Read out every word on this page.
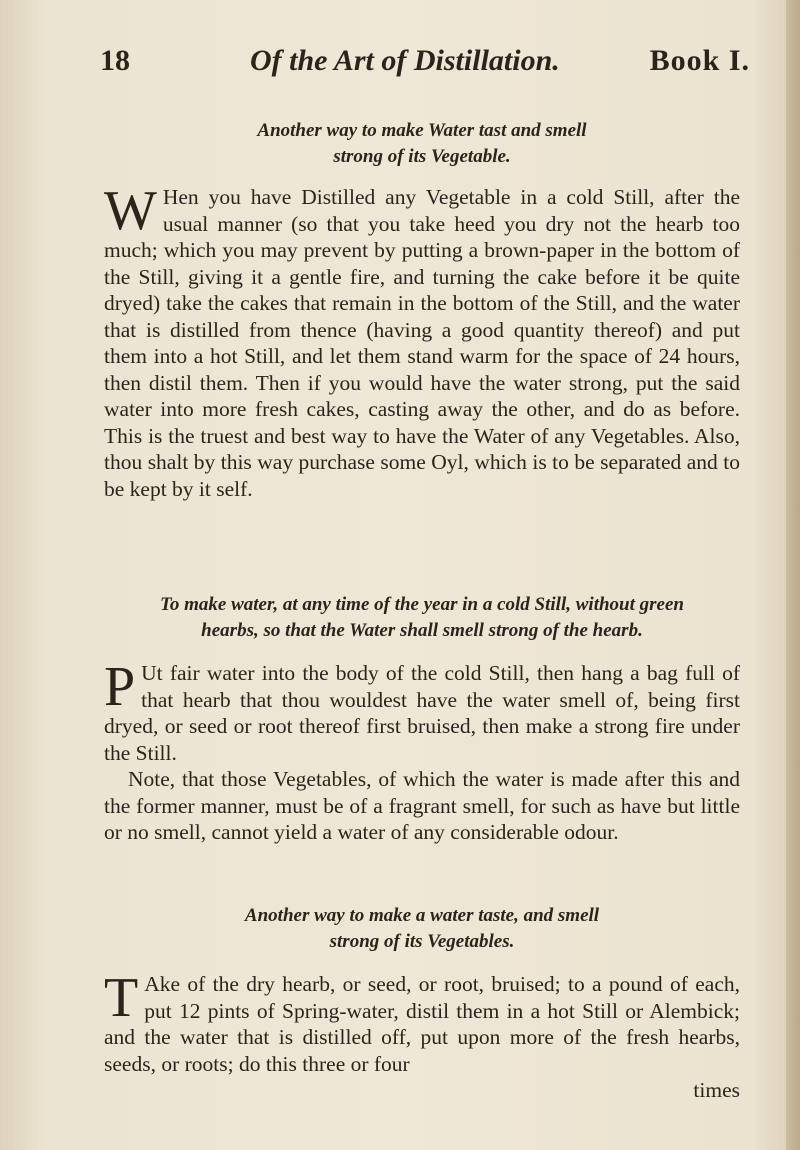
18	Of the Art of Distillation.	Book I.

Another way to make Water tast and smell
strong of its Vegetable.

W Hen you have Distilled any Vegetable in a cold Still, after the usual manner (so that you take heed you dry not the hearb too much; which you may prevent by putting a brown-paper in the bottom of the Still, giving it a gentle fire, and turning the cake before it be quite dryed) take the cakes that remain in the bottom of the Still, and the water that is distilled from thence (having a good quantity thereof) and put them into a hot Still, and let them stand warm for the space of 24 hours, then distil them. Then if you would have the water strong, put the said water into more fresh cakes, casting away the other, and do as before. This is the truest and best way to have the Water of any Vegetables. Also, thou shalt by this way purchase some Oyl, which is to be separated and to be kept by it self.

To make water, at any time of the year in a cold Still, without green
hearbs, so that the Water shall smell strong of the hearb.

P Ut fair water into the body of the cold Still, then hang a bag full of that hearb that thou wouldest have the water smell of, being first dryed, or seed or root thereof first bruised, then make a strong fire under the Still.

Note, that those Vegetables, of which the water is made after this and the former manner, must be of a fragrant smell, for such as have but little or no smell, cannot yield a water of any considerable odour.

Another way to make a water taste, and smell
strong of its Vegetables.

T Ake of the dry hearb, or seed, or root, bruised; to a pound of each, put 12 pints of Spring-water, distil them in a hot Still or Alembick; and the water that is distilled off, put upon more of the fresh hearbs, seeds, or roots; do this three or four

times
